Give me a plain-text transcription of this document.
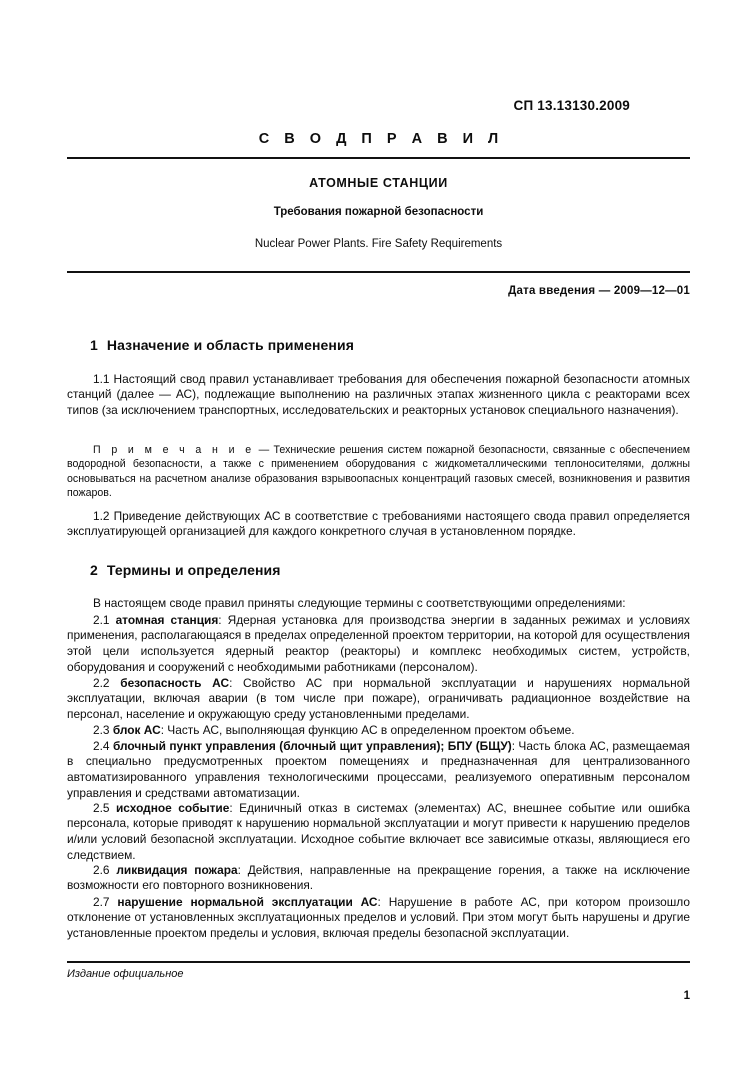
СП 13.13130.2009
С В О Д П Р А В И Л
АТОМНЫЕ СТАНЦИИ
Требования пожарной безопасности
Nuclear Power Plants. Fire Safety Requirements
Дата введения — 2009—12—01
1 Назначение и область применения

1.1 Настоящий свод правил устанавливает требования для обеспечения пожарной безопасности атомных станций (далее — АС), подлежащие выполнению на различных этапах жизненного цикла с реакторами всех типов (за исключением транспортных, исследовательских и реакторных установок специального назначения).

П р и м е ч а н и е — Технические решения систем пожарной безопасности, связанные с обеспечением водородной безопасности, а также с применением оборудования с жидкометаллическими теплоносителями, должны основываться на расчетном анализе образования взрывоопасных концентраций газовых смесей, возникновения и развития пожаров.

1.2 Приведение действующих АС в соответствие с требованиями настоящего свода правил определяется эксплуатирующей организацией для каждого конкретного случая в установленном порядке.

2 Термины и определения

В настоящем своде правил приняты следующие термины с соответствующими определениями:

2.1 атомная станция: Ядерная установка для производства энергии в заданных режимах и условиях применения, располагающаяся в пределах определенной проектом территории, на которой для осуществления этой цели используется ядерный реактор (реакторы) и комплекс необходимых систем, устройств, оборудования и сооружений с необходимыми работниками (персоналом).

2.2 безопасность АС: Свойство АС при нормальной эксплуатации и нарушениях нормальной эксплуатации, включая аварии (в том числе при пожаре), ограничивать радиационное воздействие на персонал, население и окружающую среду установленными пределами.

2.3 блок АС: Часть АС, выполняющая функцию АС в определенном проектом объеме.

2.4 блочный пункт управления (блочный щит управления); БПУ (БЩУ): Часть блока АС, размещаемая в специально предусмотренных проектом помещениях и предназначенная для централизованного автоматизированного управления технологическими процессами, реализуемого оперативным персоналом управления и средствами автоматизации.

2.5 исходное событие: Единичный отказ в системах (элементах) АС, внешнее событие или ошибка персонала, которые приводят к нарушению нормальной эксплуатации и могут привести к нарушению пределов и/или условий безопасной эксплуатации. Исходное событие включает все зависимые отказы, являющиеся его следствием.

2.6 ликвидация пожара: Действия, направленные на прекращение горения, а также на исключение возможности его повторного возникновения.

2.7 нарушение нормальной эксплуатации АС: Нарушение в работе АС, при котором произошло отклонение от установленных эксплуатационных пределов и условий. При этом могут быть нарушены и другие установленные проектом пределы и условия, включая пределы безопасной эксплуатации.

Издание официальное
1
